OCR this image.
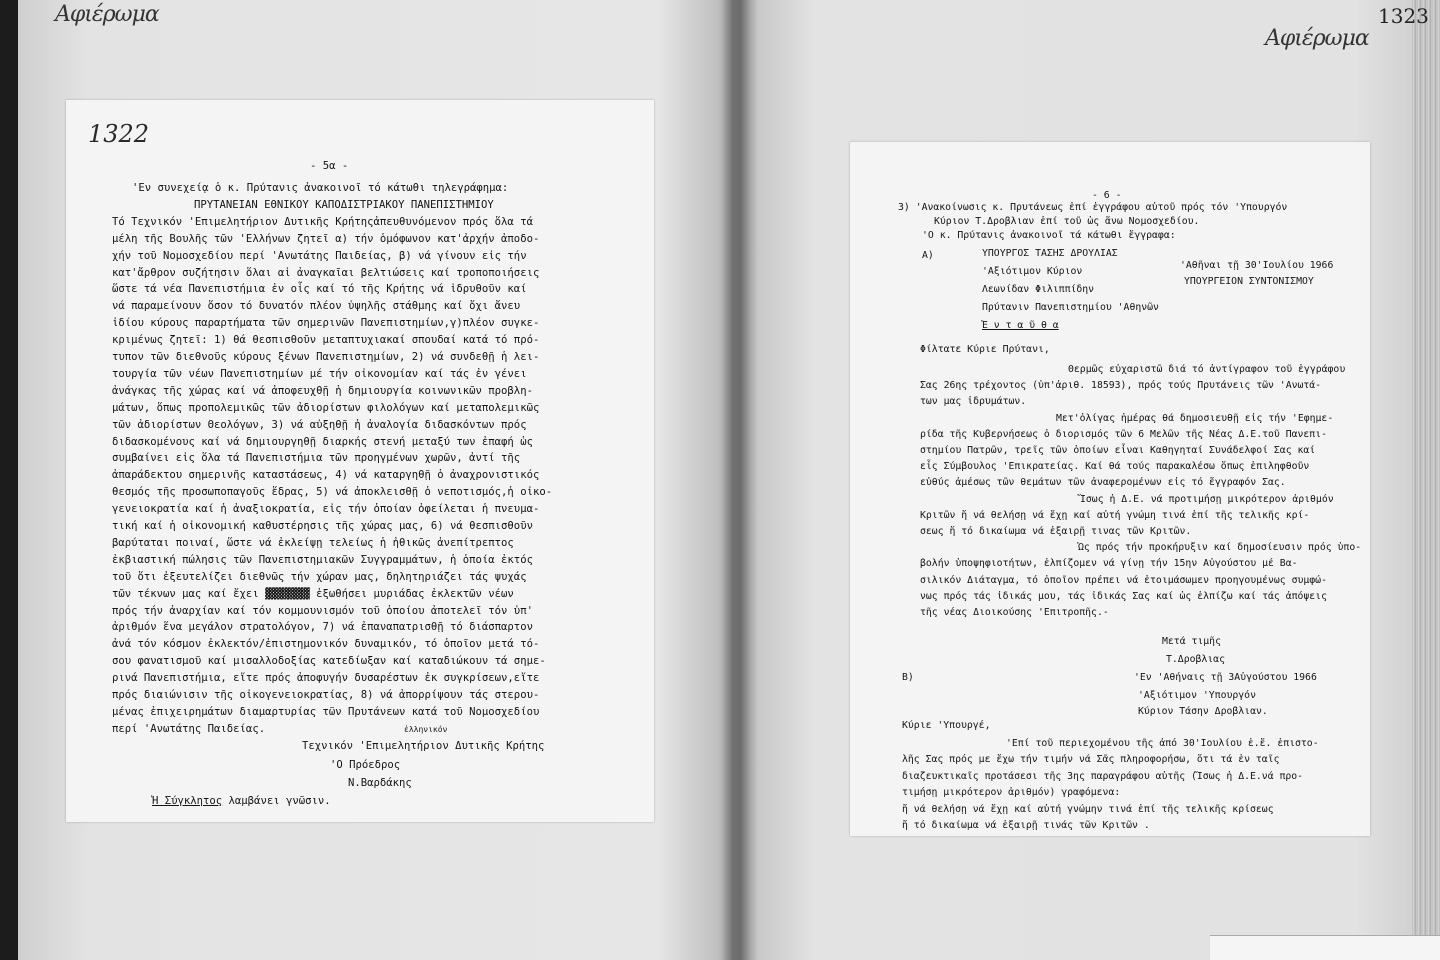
Αφιέρωμα
Αφιέρωμα
1323
1322
- 5α -
'Εν συνεχείᾳ ὁ κ. Πρύτανις ἀνακοινοῖ τό κάτωθι τηλεγράφημα:
ΠΡΥΤΑΝΕΙΑΝ ΕΘΝΙΚΟΥ ΚΑΠΟΔΙΣΤΡΙΑΚΟΥ ΠΑΝΕΠΙΣΤΗΜΙΟΥ
Τό Τεχνικόν 'Επιμελητήριον Δυτικῆς Κρήτηςἀπευθυνόμενον πρός ὅλα τά
μέλη τῆς Βουλῆς τῶν 'Ελλήνων ζητεῖ α) τήν ὁμόφωνον κατ'ἀρχήν ἀποδο-
χήν τοῦ Νομοσχεδίου περί 'Ανωτάτης Παιδείας, β) νά γίνουν εἰς τήν
κατ'ἄρθρον συζήτησιν ὅλαι αἱ ἀναγκαῖαι βελτιώσεις καί τροποποιήσεις
ὥστε τά νέα Πανεπιστήμια ἐν οἷς καί τό τῆς Κρήτης νά ἱδρυθοῦν καί
νά παραμείνουν ὅσον τό δυνατόν πλέον ὑψηλῆς στάθμης καί ὄχι ἄνευ
ἰδίου κύρους παραρτήματα τῶν σημερινῶν Πανεπιστημίων,γ)πλέον συγκε-
κριμένως ζητεῖ: 1) θά θεσπισθοῦν μεταπτυχιακαί σπουδαί κατά τό πρό-
τυπον τῶν διεθνοῦς κύρους ξένων Πανεπιστημίων, 2) νά συνδεθῇ ἡ λει-
τουργία τῶν νέων Πανεπιστημίων μέ τήν οἰκονομίαν καί τάς ἐν γένει
ἀνάγκας τῆς χώρας καί νά ἀποφευχθῇ ἡ δημιουργία κοινωνικῶν προβλη-
μάτων, ὅπως προπολεμικῶς τῶν ἀδιορίστων φιλολόγων καί μεταπολεμικῶς
τῶν ἀδιορίστων Θεολόγων, 3) νά αὐξηθῇ ἡ ἀναλογία διδασκόντων πρός
διδασκομένους καί νά δημιουργηθῇ διαρκής στενή μεταξύ των ἐπαφή ὡς
συμβαίνει εἰς ὅλα τά Πανεπιστήμια τῶν προηγμένων χωρῶν, ἀντί τῆς
ἀπαράδεκτου σημερινῆς καταστάσεως, 4) νά καταργηθῇ ὁ ἀναχρονιστικός
θεσμός τῆς προσωποπαγοῦς ἕδρας, 5) νά ἀποκλεισθῇ ὁ νεποτισμός,ἡ οἰκο-
γενειοκρατία καί ἡ ἀναξιοκρατία, εἰς τήν ὁποίαν ὀφείλεται ἡ πνευμα-
τική καί ἡ οἰκονομική καθυστέρησις τῆς χώρας μας, 6) νά θεσπισθοῦν
βαρύταται ποιναί, ὥστε νά ἐκλείψῃ τελείως ἡ ἠθικῶς ἀνεπίτρεπτος
ἐκβιαστική πώλησις τῶν Πανεπιστημιακῶν Συγγραμμάτων, ἡ ὁποία ἐκτός
τοῦ ὅτι ἐξευτελίζει διεθνῶς τήν χώραν μας, δηλητηριάζει τάς ψυχάς
τῶν τέκνων μας καί ἔχει ▓▓▓▓▓▓▓ ἐξωθήσει μυριάδας ἐκλεκτῶν νέων
πρός τήν ἀναρχίαν καί τόν κομμουνισμόν τοῦ ὁποίου ἀποτελεῖ τόν ὑπ'
ἀριθμόν ἕνα μεγάλον στρατολόγον, 7) νά ἐπαναπατρισθῇ τό διάσπαρτον
ἀνά τόν κόσμον ἐκλεκτόν/ἐπιστημονικόν δυναμικόν, τό ὁποῖον μετά τό-
σου φανατισμοῦ καί μισαλλοδοξίας κατεδίωξαν καί καταδιώκουν τά σημε-
ρινά Πανεπιστήμια, εἴτε πρός ἀποφυγήν δυσαρέστων ἐκ συγκρίσεων,εἴτε
πρός διαιώνισιν τῆς οἰκογενειοκρατίας, 8) νά ἀπορρίψουν τάς στερου-
μένας ἐπιχειρημάτων διαμαρτυρίας τῶν Πρυτάνεων κατά τοῦ Νομοσχεδίου
περί 'Ανωτάτης Παιδείας.	ἑλληνικόν
Τεχνικόν 'Επιμελητήριον Δυτικῆς Κρήτης
'Ο Πρόεδρος
Ν.Βαρδάκης
Ἡ Σύγκλητος λαμβάνει γνῶσιν.
- 6 -
3) 'Ανακοίνωσις κ. Πρυτάνεως ἐπί ἐγγράφου αὐτοῦ πρός τόν 'Υπουργόν
Κύριον Τ.Δροβλιαν ἐπί τοῦ ὡς ἄνω Νομοσχεδίου.
'Ο κ. Πρύτανις ἀνακοινοῖ τά κάτωθι ἔγγραφα:
Α)	ΥΠΟΥΡΓΟΣ ΤΑΣΗΣ ΔΡΟΥΛΙΑΣ
'Αθῆναι τῇ 30'Ιουλίου 1966
ΥΠΟΥΡΓΕΙΟΝ ΣΥΝΤΟΝΙΣΜΟΥ
'Αξιότιμον Κύριον
Λεωνίδαν Φιλιππίδην
Πρύτανιν Πανεπιστημίου 'Αθηνῶν
Ἐ ν τ α ῦ θ α
Φίλτατε Κύριε Πρύτανι,
Θερμῶς εὐχαριστῶ διά τό ἀντίγραφον τοῦ ἐγγράφου
Σας 26ης τρέχοντος (ὑπ'ἀριθ. 18593), πρός τούς Πρυτάνεις τῶν 'Ανωτά-
των μας ἱδρυμάτων.
Μετ'ὀλίγας ἡμέρας θά δημοσιευθῇ εἰς τήν 'Εφημε-
ρίδα τῆς Κυβερνήσεως ὁ διορισμός τῶν 6 Μελῶν τῆς Νέας Δ.Ε.τοῦ Πανεπι-
στημίου Πατρῶν, τρεῖς τῶν ὁποίων εἶναι Καθηγηταί Συνάδελφοί Σας καί
εἷς Σύμβουλος 'Επικρατείας. Καί θά τούς παρακαλέσω ὅπως ἐπιληφθοῦν
εὐθύς ἀμέσως τῶν θεμάτων τῶν ἀναφερομένων εἰς τό ἔγγραφόν Σας.
Ἴσως ἡ Δ.Ε. νά προτιμήσῃ μικρότερον ἀριθμόν
Κριτῶν ἤ νά θελήσῃ νά ἔχῃ καί αὐτή γνώμη τινά ἐπί τῆς τελικῆς κρί-
σεως ἤ τό δικαίωμα νά ἐξαιρῇ τινας τῶν Κριτῶν.
Ὡς πρός τήν προκήρυξιν καί δημοσίευσιν πρός ὑπο-
βολήν ὑποψηφιοτήτων, ἐλπίζομεν νά γίνῃ τήν 15ην Αὐγούστου μέ Βα-
σιλικόν Διάταγμα, τό ὁποῖον πρέπει νά ἑτοιμάσωμεν προηγουμένως συμφώ-
νως πρός τάς ἰδικάς μου, τάς ἰδικάς Σας καί ὡς ἐλπίζω καί τάς ἀπόψεις
τῆς νέας Διοικούσης 'Επιτροπῆς.-
Μετά τιμῆς
Τ.Δροβλιας
Β)	'Εν 'Αθήναις τῇ 3Αὐγούστου 1966
'Αξιότιμον 'Υπουργόν
Κύριον Τάσην Δροβλιαν.
Κύριε 'Υπουργέ,
'Επί τοῦ περιεχομένου τῆς ἀπό 30'Ιουλίου ἐ.ἔ. ἐπιστο-
λῆς Σας πρός με ἔχω τήν τιμήν νά Σᾶς πληροφορήσω, ὅτι τά ἐν ταῖς
διαζευκτικαῖς προτάσεσι τῆς 3ης παραγράφου αὐτῆς (Ἴσως ἡ Δ.Ε.νά προ-
τιμήσῃ μικρότερον ἀριθμόν) γραφόμενα:
ἤ νά θελήσῃ νά ἔχῃ καί αὐτή γνώμην τινά ἐπί τῆς τελικῆς κρίσεως
ἤ τό δικαίωμα νά ἐξαιρῇ τινάς τῶν Κριτῶν .
